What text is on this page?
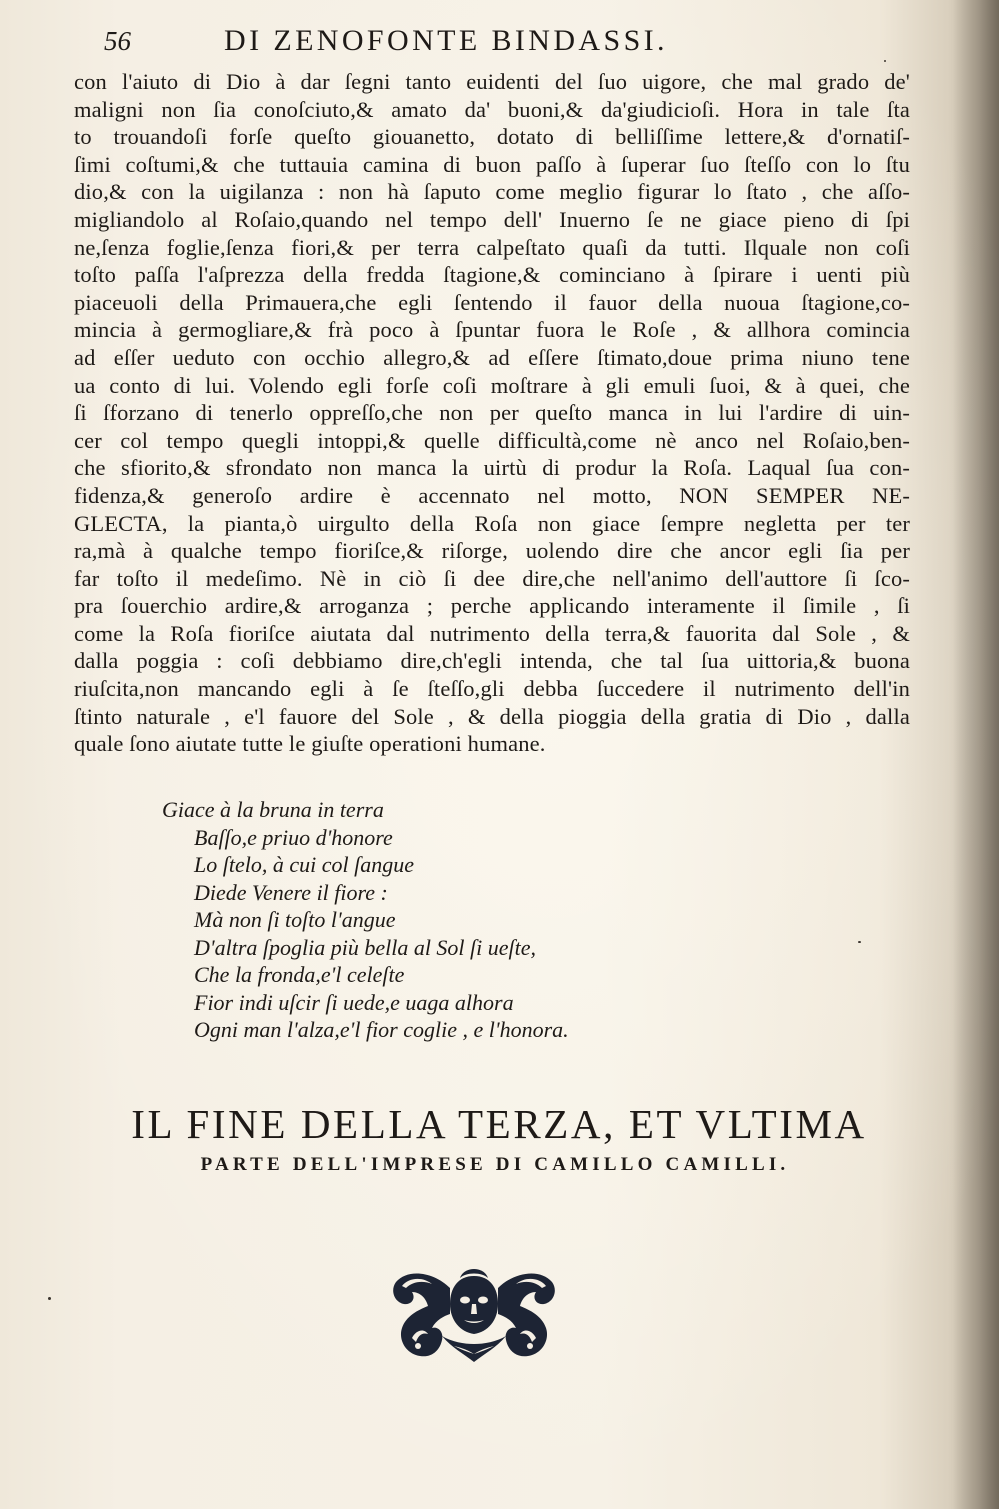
56	DI ZENOFONTE BINDASSI.
con l'aiuto di Dio à dar ſegni tanto euidenti del ſuo uigore, che mal grado de'
maligni non ſia conoſciuto,& amato da' buoni,& da'giudicioſi. Hora in tale ſta
to trouandoſi forſe queſto giouanetto, dotato di belliſſime lettere,& d'ornatiſ-
ſimi coſtumi,& che tuttauia camina di buon paſſo à ſuperar ſuo ſteſſo con lo ſtu
dio,& con la uigilanza : non hà ſaputo come meglio figurar lo ſtato , che aſſo-
migliandolo al Roſaio,quando nel tempo dell' Inuerno ſe ne giace pieno di ſpi
ne,ſenza foglie,ſenza fiori,& per terra calpeſtato quaſi da tutti. Ilquale non coſi
toſto paſſa l'aſprezza della fredda ſtagione,& cominciano à ſpirare i uenti più
piaceuoli della Primauera,che egli ſentendo il fauor della nuoua ſtagione,co-
mincia à germogliare,& frà poco à ſpuntar fuora le Roſe , & allhora comincia
ad eſſer ueduto con occhio allegro,& ad eſſere ſtimato,doue prima niuno tene
ua conto di lui. Volendo egli forſe coſi moſtrare à gli emuli ſuoi, & à quei, che
ſi ſforzano di tenerlo oppreſſo,che non per queſto manca in lui l'ardire di uin-
cer col tempo quegli intoppi,& quelle difficultà,come nè anco nel Roſaio,ben-
che sfiorito,& sfrondato non manca la uirtù di produr la Roſa. Laqual ſua con-
fidenza,& generoſo ardire è accennato nel motto, NON SEMPER NE-
GLECTA, la pianta,ò uirgulto della Roſa non giace ſempre negletta per ter
ra,mà à qualche tempo fioriſce,& riſorge, uolendo dire che ancor egli ſia per
far toſto il medeſimo. Nè in ciò ſi dee dire,che nell'animo dell'auttore ſi ſco-
pra ſouerchio ardire,& arroganza ; perche applicando interamente il ſimile , ſi
come la Roſa fioriſce aiutata dal nutrimento della terra,& fauorita dal Sole , &
dalla poggia : coſi debbiamo dire,ch'egli intenda, che tal ſua uittoria,& buona
riuſcita,non mancando egli à ſe ſteſſo,gli debba ſuccedere il nutrimento dell'in
ſtinto naturale , e'l fauore del Sole , & della pioggia della gratia di Dio , dalla
quale ſono aiutate tutte le giuſte operationi humane.
Giace à la bruna in terra
Baſſo,e priuo d'honore
Lo ſtelo, à cui col ſangue
Diede Venere il fiore :
Mà non ſi toſto l'angue
D'altra ſpoglia più bella al Sol ſi ueſte,
Che la fronda,e'l celeſte
Fior indi uſcir ſi uede,e uaga alhora
Ogni man l'alza,e'l fior coglie , e l'honora.
IL FINE DELLA TERZA, ET VLTIMA
PARTE DELL'IMPRESE DI CAMILLO CAMILLI.
